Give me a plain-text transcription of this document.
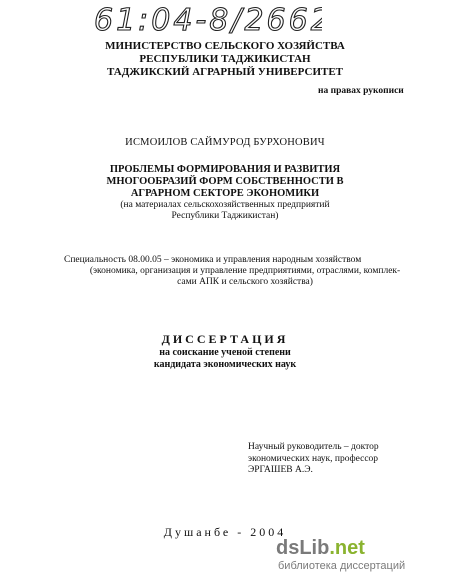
61:04-8/2662
МИНИСТЕРСТВО СЕЛЬСКОГО ХОЗЯЙСТВА
РЕСПУБЛИКИ ТАДЖИКИСТАН
ТАДЖИКСКИЙ АГРАРНЫЙ УНИВЕРСИТЕТ
на правах рукописи
ИСМОИЛОВ САЙМУРОД БУРХОНОВИЧ
ПРОБЛЕМЫ ФОРМИРОВАНИЯ И РАЗВИТИЯ
МНОГООБРАЗИЙ ФОРМ СОБСТВЕННОСТИ В
АГРАРНОМ СЕКТОРЕ ЭКОНОМИКИ
(на материалах сельскохозяйственных предприятий
Республики Таджикистан)
Специальность 08.00.05 – экономика и управления народным хозяйством
(экономика, организация и управление предприятиями, отраслями, комплек-
сами АПК и сельского хозяйства)
ДИССЕРТАЦИЯ
на соискание ученой степени
кандидата экономических наук
Научный руководитель – доктор
экономических наук, профессор
ЭРГАШЕВ А.Э.
Душанбе - 2004
dsLib.net
библиотека диссертаций
